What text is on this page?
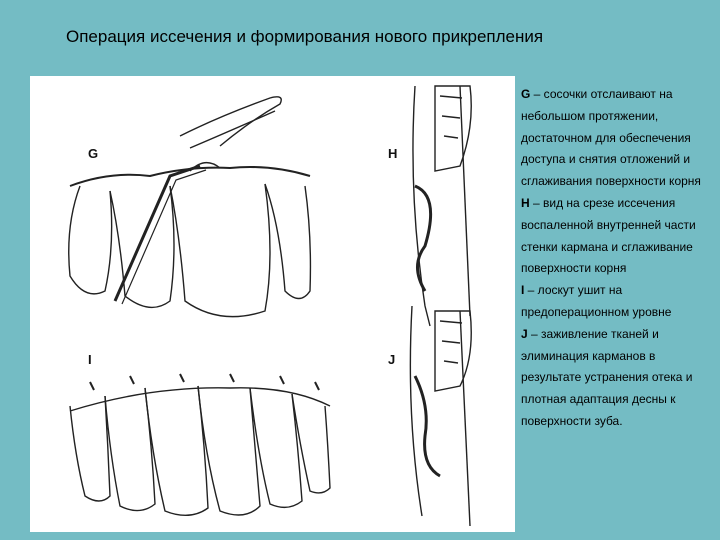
Операция иссечения и формирования нового прикрепления
G	H
I	J

G – сосочки отслаивают на небольшом протяжении, достаточном для обеспечения доступа и снятия отложений и сглаживания поверхности корня

H – вид на срезе иссечения воспаленной внутренней части стенки кармана и сглаживание поверхности корня

I – лоскут ушит на предоперационном уровне

J – заживление тканей и элиминация карманов в результате устранения отека и плотная адаптация десны к поверхности зуба.
